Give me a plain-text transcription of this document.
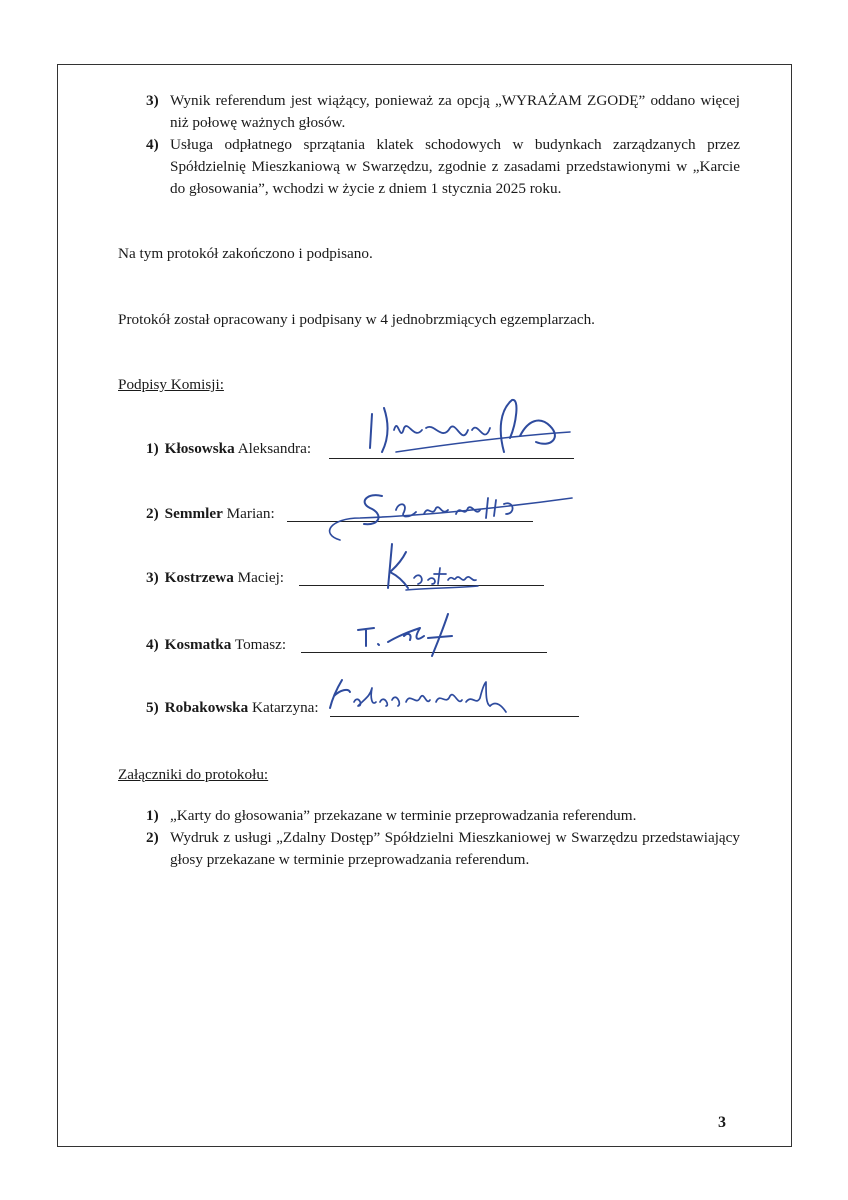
3) Wynik referendum jest wiążący, ponieważ za opcją „WYRAŻAM ZGODĘ” oddano więcej niż połowę ważnych głosów.
4) Usługa odpłatnego sprzątania klatek schodowych w budynkach zarządzanych przez Spółdzielnię Mieszkaniową w Swarzędzu, zgodnie z zasadami przedstawionymi w „Karcie do głosowania”, wchodzi w życie z dniem 1 stycznia 2025 roku.
Na tym protokół zakończono i podpisano.
Protokół został opracowany i podpisany w 4 jednobrzmiących egzemplarzach.
Podpisy Komisji:
1) Kłosowska Aleksandra:
2) Semmler Marian:
3) Kostrzewa Maciej:
4) Kosmatka Tomasz:
5) Robakowska Katarzyna:
Załączniki do protokołu:
1) „Karty do głosowania” przekazane w terminie przeprowadzania referendum.
2) Wydruk z usługi „Zdalny Dostęp” Spółdzielni Mieszkaniowej w Swarzędzu przedstawiający głosy przekazane w terminie przeprowadzania referendum.
3
